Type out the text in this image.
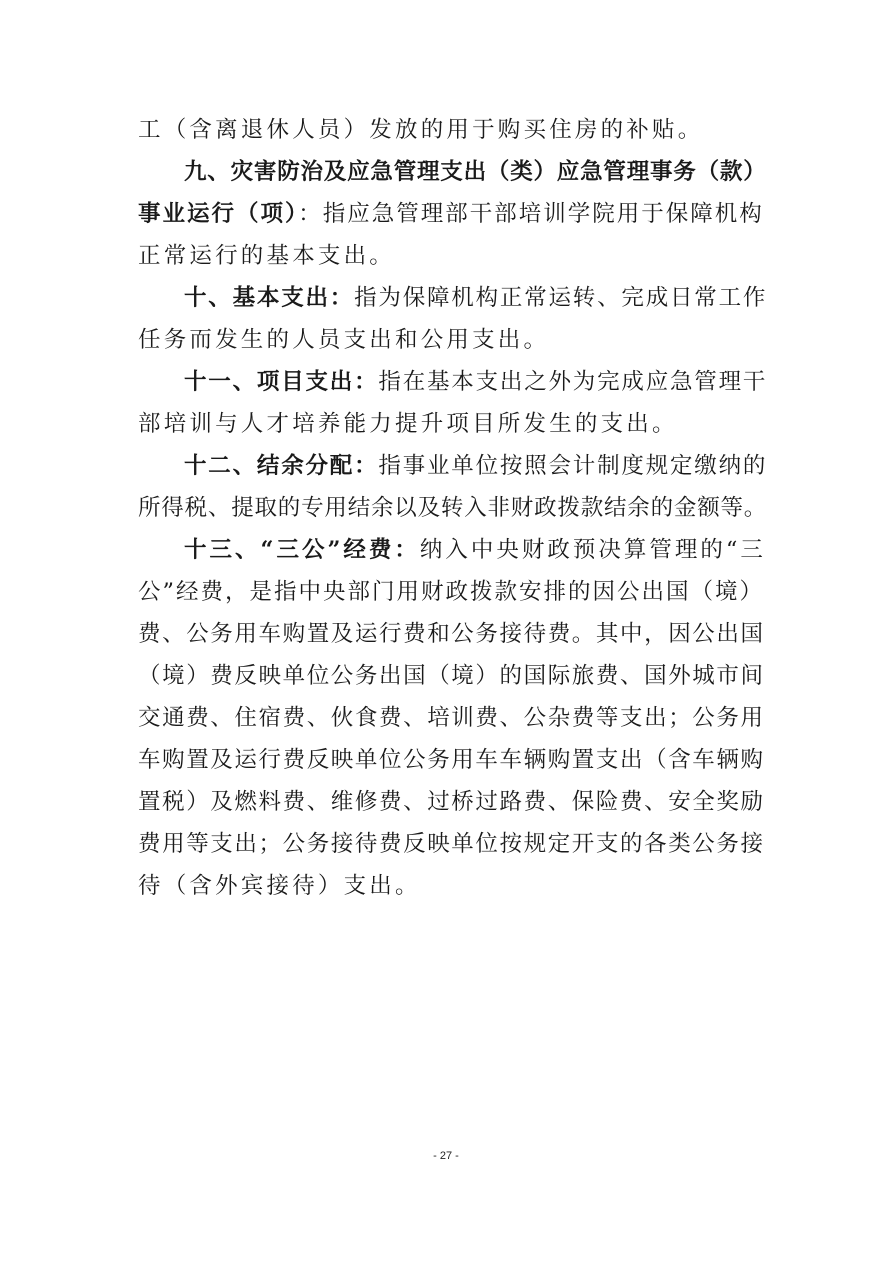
工（含离退休人员）发放的用于购买住房的补贴。
九、灾害防治及应急管理支出（类）应急管理事务（款）
事业运行（项）：指应急管理部干部培训学院用于保障机构
正常运行的基本支出。
十、基本支出：指为保障机构正常运转、完成日常工作
任务而发生的人员支出和公用支出。
十一、项目支出：指在基本支出之外为完成应急管理干
部培训与人才培养能力提升项目所发生的支出。
十二、结余分配：指事业单位按照会计制度规定缴纳的
所得税、提取的专用结余以及转入非财政拨款结余的金额等。
十三、“三公”经费：纳入中央财政预决算管理的“三
公”经费，是指中央部门用财政拨款安排的因公出国（境）
费、公务用车购置及运行费和公务接待费。其中，因公出国
（境）费反映单位公务出国（境）的国际旅费、国外城市间
交通费、住宿费、伙食费、培训费、公杂费等支出；公务用
车购置及运行费反映单位公务用车车辆购置支出（含车辆购
置税）及燃料费、维修费、过桥过路费、保险费、安全奖励
费用等支出；公务接待费反映单位按规定开支的各类公务接
待（含外宾接待）支出。
- 27 -
